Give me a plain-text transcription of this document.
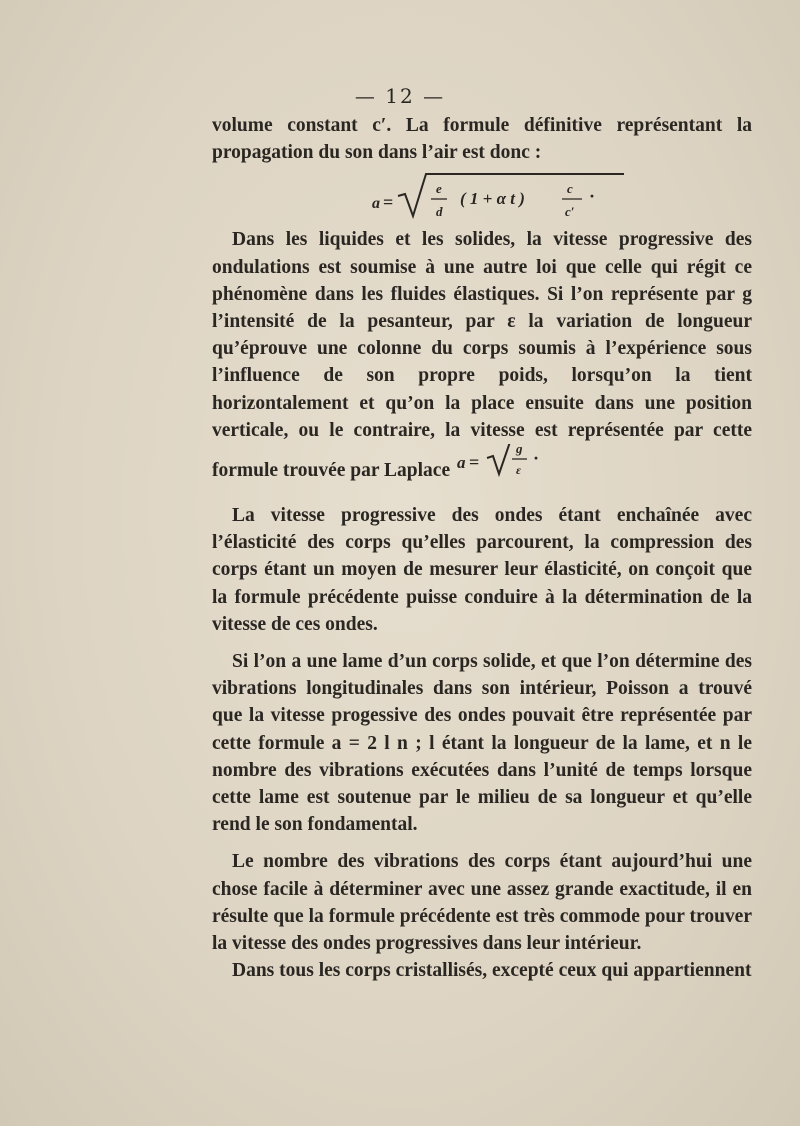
— 12 —

volume constant c′. La formule définitive représentant la propagation du son dans l’air est donc :

a =
e
d
( 1 + α t )
c
c′
·

Dans les liquides et les solides, la vitesse progressive des ondulations est soumise à une autre loi que celle qui régit ce phénomène dans les fluides élastiques. Si l’on représente par g l’intensité de la pesanteur, par ε la variation de longueur qu’éprouve une colonne du corps soumis à l’expérience sous l’influence de son propre poids, lorsqu’on la tient horizontalement et qu’on la place ensuite dans une position verticale, ou le contraire, la vitesse est représentée par cette formule trouvée par Laplace a =
g
ε
·

La vitesse progressive des ondes étant enchaînée avec l’élasticité des corps qu’elles parcourent, la compression des corps étant un moyen de mesurer leur élasticité, on conçoit que la formule précédente puisse conduire à la détermination de la vitesse de ces ondes.

Si l’on a une lame d’un corps solide, et que l’on détermine des vibrations longitudinales dans son intérieur, Poisson a trouvé que la vitesse progessive des ondes pouvait être représentée par cette formule a = 2 l n ; l étant la longueur de la lame, et n le nombre des vibrations exécutées dans l’unité de temps lorsque cette lame est soutenue par le milieu de sa longueur et qu’elle rend le son fondamental.

Le nombre des vibrations des corps étant aujourd’hui une chose facile à déterminer avec une assez grande exactitude, il en résulte que la formule précédente est très commode pour trouver la vitesse des ondes progressives dans leur intérieur.

Dans tous les corps cristallisés, excepté ceux qui appartiennent
